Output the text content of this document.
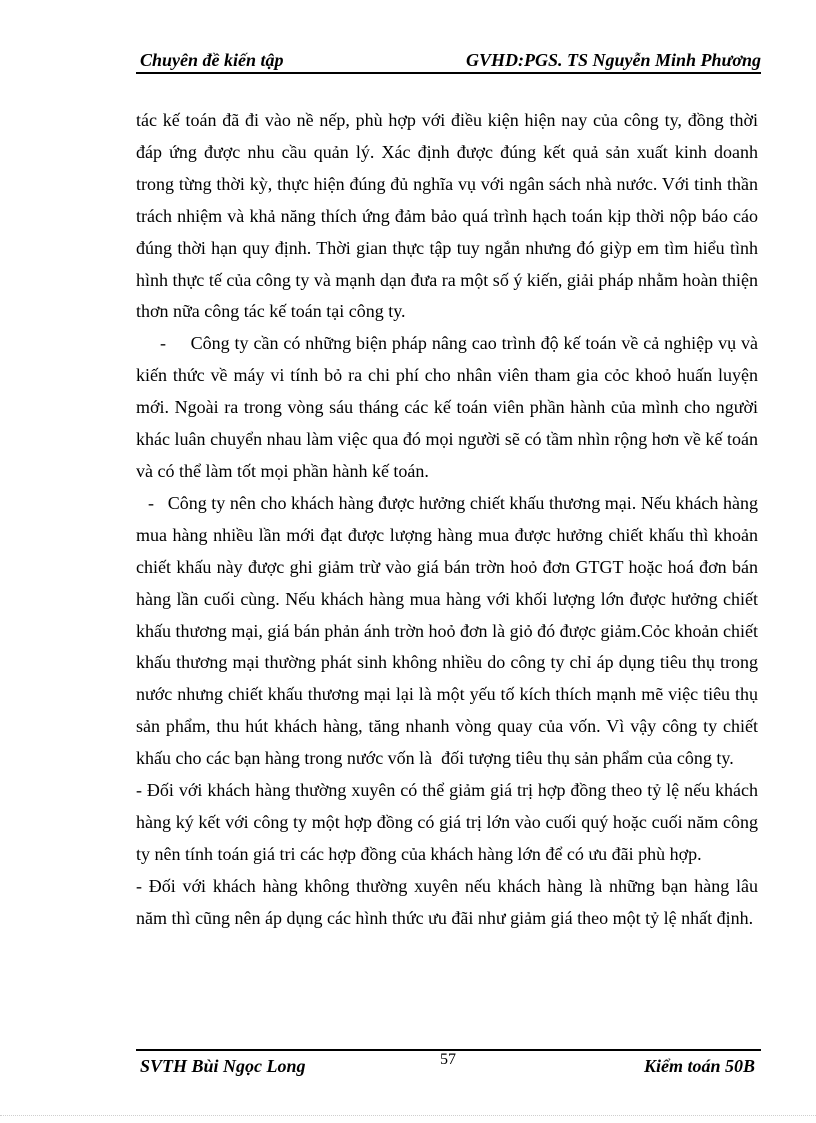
Chuyên đề kiến tập	GVHD:PGS. TS Nguyễn Minh Phương

tác kế toán đã đi vào nề nếp, phù hợp với điều kiện hiện nay của công ty, đồng thời đáp ứng được nhu cầu quản lý. Xác định được đúng kết quả sản xuất kinh doanh trong từng thời kỳ, thực hiện đúng đủ nghĩa vụ với ngân sách nhà nước. Với tinh thần trách nhiệm và khả năng thích ứng đảm bảo quá trình hạch toán kịp thời nộp báo cáo đúng thời hạn quy định. Thời gian thực tập tuy ngắn nhưng đó giỳp em tìm hiểu tình hình thực tế của công ty và mạnh dạn đưa ra một số ý kiến, giải pháp nhằm hoàn thiện thơn nữa công tác kế toán tại công ty.

-     Công ty cần có những biện pháp nâng cao trình độ kế toán về cả nghiệp vụ và kiến thức về máy vi tính bỏ ra chi phí cho nhân viên tham gia cỏc khoỏ huấn luyện mới. Ngoài ra trong vòng sáu tháng các kế toán viên phần hành của mình cho người khác luân chuyển nhau làm việc qua đó mọi người sẽ có tầm nhìn rộng hơn về kế toán và có thể làm tốt mọi phần hành kế toán.

-   Công ty nên cho khách hàng được hưởng chiết khấu thương mại. Nếu khách hàng mua hàng nhiều lần mới đạt được lượng hàng mua được hưởng chiết khấu thì khoản chiết khấu này được ghi giảm trừ vào giá bán trờn hoỏ đơn GTGT hoặc hoá đơn bán hàng lần cuối cùng. Nếu khách hàng mua hàng với khối lượng lớn được hưởng chiết khấu thương mại, giá bán phản ánh trờn hoỏ đơn là giỏ đó được giảm.Cỏc khoản chiết khấu thương mại thường phát sinh không nhiều do công ty chỉ áp dụng tiêu thụ trong nước nhưng chiết khấu thương mại lại là một yếu tố kích thích mạnh mẽ việc tiêu thụ sản phẩm, thu hút khách hàng, tăng nhanh vòng quay của vốn. Vì vậy công ty chiết khấu cho các bạn hàng trong nước vốn là  đối tượng tiêu thụ sản phẩm của công ty.

- Đối với khách hàng thường xuyên có thể giảm giá trị hợp đồng theo tỷ lệ nếu khách hàng ký kết với công ty một hợp đồng có giá trị lớn vào cuối quý hoặc cuối năm công ty nên tính toán giá tri các hợp đồng của khách hàng lớn để có ưu đãi phù hợp.

- Đối với khách hàng không thường xuyên nếu khách hàng là những bạn hàng lâu năm thì cũng nên áp dụng các hình thức ưu đãi như giảm giá theo một tỷ lệ nhất định.

SVTH Bùi Ngọc Long	57	Kiểm toán 50B
